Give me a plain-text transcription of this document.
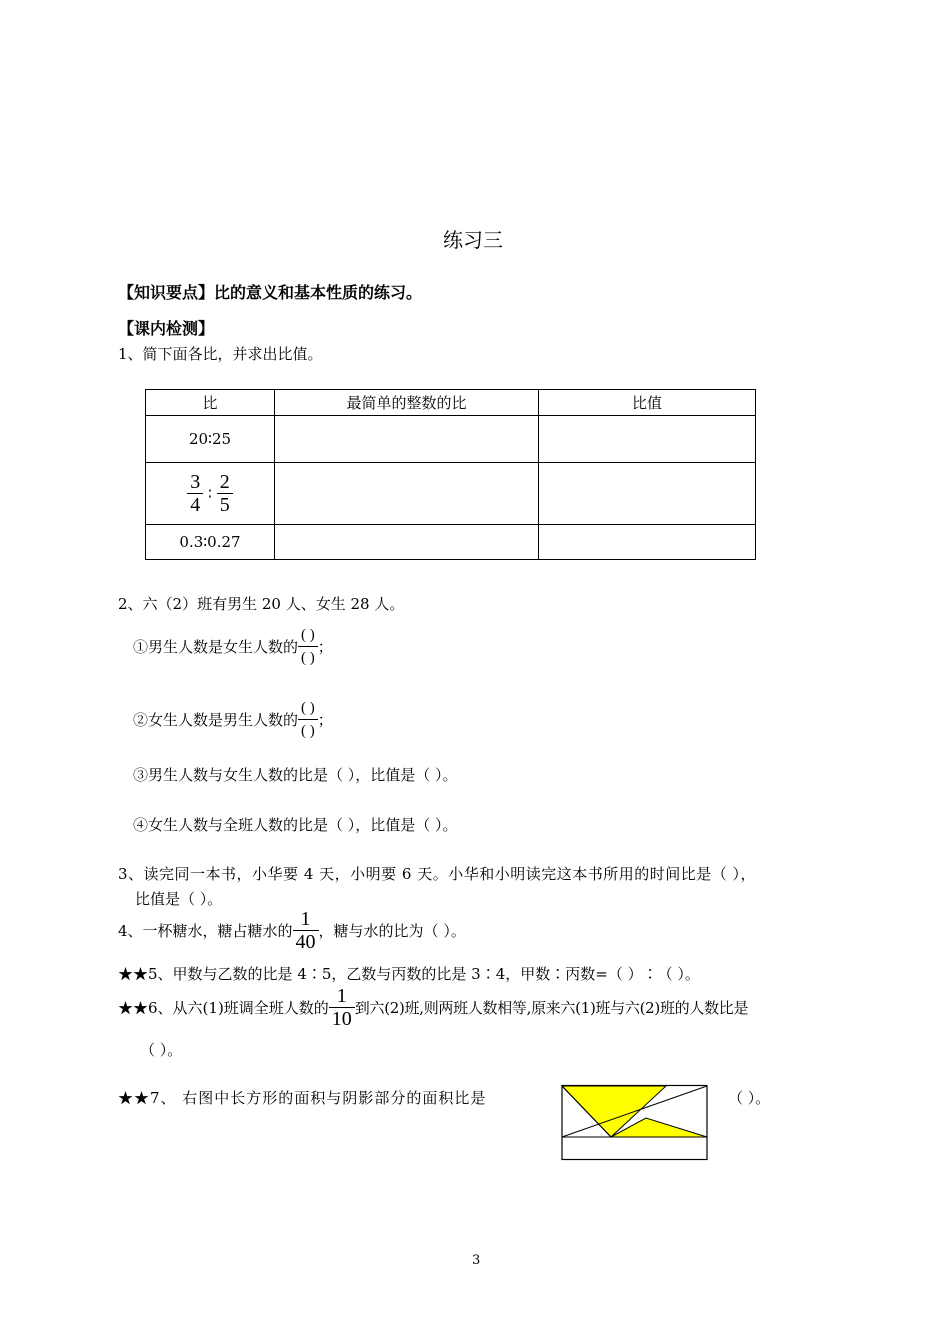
练习三
【知识要点】比的意义和基本性质的练习。
【课内检测】
1、简下面各比，并求出比值。
比	最简单的整数的比	比值
20∶25		

$\frac{3}{4}$ ∶ $\frac{2}{5}$

0.3∶0.27		
2、六（2）班有男生 20 人、女生 28 人。
①男生人数是女生人数的 $\frac{( )}{( )}$ ；
②女生人数是男生人数的 $\frac{( )}{( )}$ ；
③男生人数与女生人数的比是（ ），比值是（ ）。
④女生人数与全班人数的比是（ ），比值是（ ）。
3、读完同一本书，小华要 4 天，小明要 6 天。小华和小明读完这本书所用的时间比是（ ），
比值是（ ）。
4、一杯糖水，糖占糖水的 $\frac{1}{40}$ ，糖与水的比为（ ）。
★★5、甲数与乙数的比是 4∶5，乙数与丙数的比是 3∶4，甲数∶丙数=（ ）∶（ ）。
★★6、从六(1)班调全班人数的 $\frac{1}{10}$ 到六(2)班,则两班人数相等,原来六(1)班与六(2)班的人数比是
（ ）。
★★7、 右图中长方形的面积与阴影部分的面积比是	（ ）。
3
